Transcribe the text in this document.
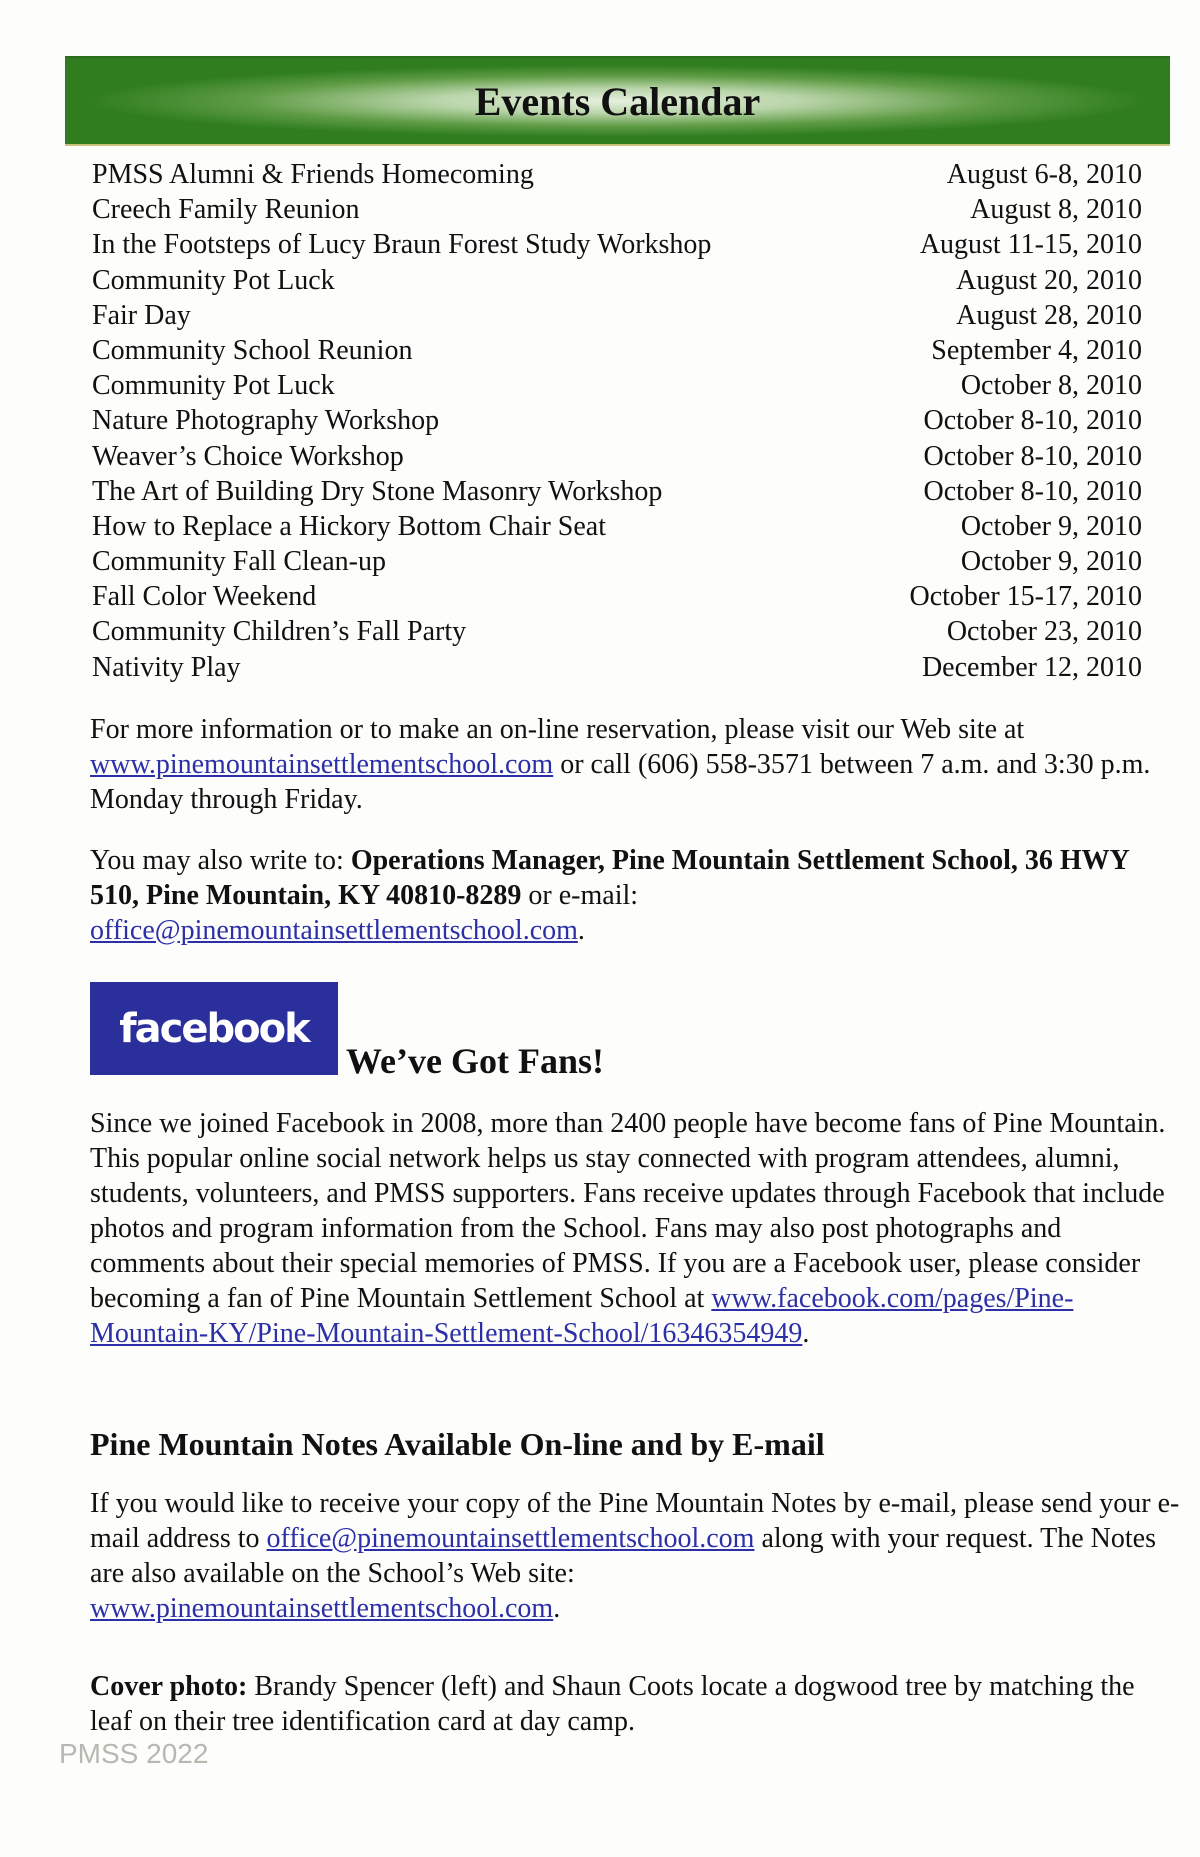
Events Calendar
PMSS Alumni & Friends Homecoming	August 6-8, 2010
Creech Family Reunion	August 8, 2010
In the Footsteps of Lucy Braun Forest Study Workshop	August 11-15, 2010
Community Pot Luck	August 20, 2010
Fair Day	August 28, 2010
Community School Reunion	September 4, 2010
Community Pot Luck	October 8, 2010
Nature Photography Workshop	October 8-10, 2010
Weaver’s Choice Workshop	October 8-10, 2010
The Art of Building Dry Stone Masonry Workshop	October 8-10, 2010
How to Replace a Hickory Bottom Chair Seat	October 9, 2010
Community Fall Clean-up	October 9, 2010
Fall Color Weekend	October 15-17, 2010
Community Children’s Fall Party	October 23, 2010
Nativity Play	December 12, 2010

For more information or to make an on-line reservation, please visit our Web site at www.pinemountainsettlementschool.com or call (606) 558-3571 between 7 a.m. and 3:30 p.m. Monday through Friday.

You may also write to: Operations Manager, Pine Mountain Settlement School, 36 HWY 510, Pine Mountain, KY 40810-8289 or e-mail:
office@pinemountainsettlementschool.com.

facebook
We’ve Got Fans!

Since we joined Facebook in 2008, more than 2400 people have become fans of Pine Mountain. This popular online social network helps us stay connected with program attendees, alumni, students, volunteers, and PMSS supporters. Fans receive updates through Facebook that include photos and program information from the School. Fans may also post photographs and comments about their special memories of PMSS. If you are a Facebook user, please consider becoming a fan of Pine Mountain Settlement School at www.facebook.com/pages/Pine-Mountain-KY/Pine-Mountain-Settlement-School/16346354949.

Pine Mountain Notes Available On-line and by E-mail

If you would like to receive your copy of the Pine Mountain Notes by e-mail, please send your e-mail address to office@pinemountainsettlementschool.com along with your request. The Notes are also available on the School’s Web site:
www.pinemountainsettlementschool.com.

Cover photo: Brandy Spencer (left) and Shaun Coots locate a dogwood tree by matching the leaf on their tree identification card at day camp.

PMSS 2022
